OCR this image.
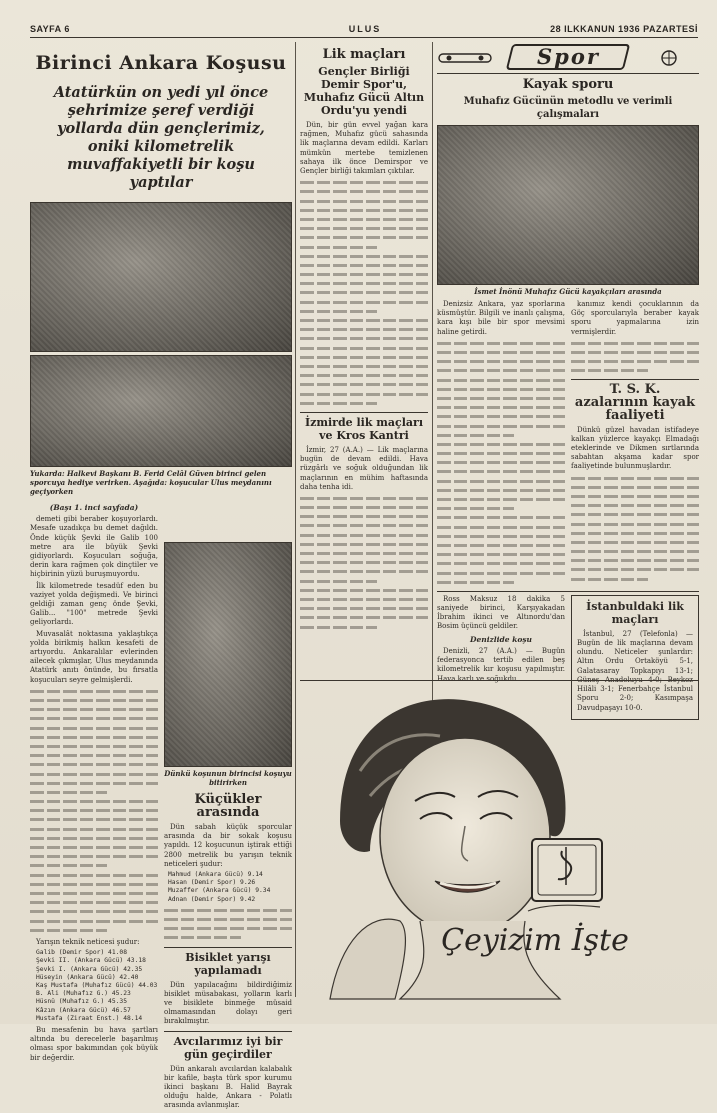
SAYFA 6	ULUS	28 ILKKANUN 1936 PAZARTESİ
Birinci Ankara Koşusu
Atatürkün on yedi yıl önce şehrimize şeref verdiği yollarda dün gençlerimiz, oniki kilometrelik muvaffakiyetli bir koşu yaptılar
Yukarda: Halkevi Başkanı B. Ferid Celâl Güven birinci gelen sporcuya hediye verirken. Aşağıda: koşucular Ulus meydanını geçiyorken
(Başı 1. inci sayfada)

demeti gibi beraber koşuyorlardı. Mesafe uzadıkça bu demet dağıldı. Önde küçük Şevki ile Galib 100 metre ara ile büyük Şevki gidiyorlardı. Koşucuları soğuğa, derin kara rağmen çok dinçtiler ve hiçbirinin yüzü buruşmuyordu.

İlk kilometrede tesadüf eden bu vaziyet yolda değişmedi. Ve birinci geldiği zaman genç önde Şevki, Galib... "100" metrede Şevki geliyorlardı.

Muvasalât noktasına yaklaştıkça yolda birikmiş halkın kesafeti de artıyordu. Ankaralılar evlerinden ailecek çıkmışlar, Ulus meydanında Atatürk anıtı önünde, bu fırsatla koşucuları seyre gelmişlerdi.

Yarışın teknik neticesi şudur:

Galib (Demir Spor) 41.08
Şevki II. (Ankara Gücü) 43.18
Şevki I. (Ankara Gücü) 42.35
Hüseyin (Ankara Gücü) 42.40
Kaş Mustafa (Muhafız Gücü) 44.03
B. Ali (Muhafız G.) 45.23
Hüsnü (Muhafız G.) 45.35
Kâzım (Ankara Gücü) 46.57
Mustafa (Ziraat Enst.) 48.14

Bu mesafenin bu hava şartları altında bu derecelerle başarılmış olması spor bakımından çok büyük bir değerdir.

Dünkü koşunun birincisi koşuyu bitirirken
Küçükler arasında

Dün sabah küçük sporcular arasında da bir sokak koşusu yapıldı. 12 koşucunun iştirak ettiği 2800 metrelik bu yarışın teknik neticeleri şudur:

Mahmud (Ankara Gücü) 9.14
Hasan (Demir Spor) 9.26
Muzaffer (Ankara Gücü) 9.34
Adnan (Demir Spor) 9.42
Bisiklet yarışı yapılamadı

Dün yapılacağını bildirdiğimiz bisiklet müsabakası, yolların karlı ve bisiklete binmeğe müsaid olmamasından dolayı geri bırakılmıştır.

Avcılarımız iyi bir gün geçirdiler

Dün ankaralı avcılardan kalabalık bir kafile, başta türk spor kurumu ikinci başkanı B. Halid Bayrak olduğu halde, Ankara - Polatlı arasında avlanmışlar.

Lik maçları
Gençler Birliği Demir Spor'u, Muhafız Gücü Altın Ordu'yu yendi

Dün, bir gün evvel yağan kara rağmen, Muhafız gücü sahasında lik maçlarına devam edildi. Karları mümkün mertebe temizlenen sahaya ilk önce Demirspor ve Gençler birliği takımları çıktılar.

İzmirde lik maçları ve Kros Kantri

İzmir, 27 (A.A.) — Lik maçlarına bugün de devam edildi. Hava rüzgârlı ve soğuk olduğundan lik maçlarının en mühim haftasında daha tenha idi.

Spor
Kayak sporu
Muhafız Gücünün metodlu ve verimli çalışmaları
İsmet İnönü Muhafız Gücü kayakçıları arasında

Denizsiz Ankara, yaz sporlarına küsmüştür. Bilgili ve inanlı çalışma, kara kışı bile bir spor mevsimi haline getirdi.

kanımız kendi çocuklarının da Göç sporcularıyla beraber kayak sporu yapmalarına izin vermişlerdir.

T. S. K. azalarının kayak faaliyeti

Dünkü güzel havadan istifadeye kalkan yüzlerce kayakçı Elmadağı eteklerinde ve Dikmen sırtlarında sabahtan akşama kadar spor faaliyetinde bulunmuşlardır.

Ross Maksuz 18 dakika 5 saniyede birinci, Karşıyakadan İbrahim ikinci ve Altınordu'dan Bosim üçüncü geldiler.

Denizlide koşu

Denizli, 27 (A.A.) — Bugün federasyonca tertib edilen beş kilometrelik kır koşusu yapılmıştır. Hava karlı ve soğukdu.

İstanbuldaki lik maçları

İstanbul, 27 (Telefonla) — Bugün de lik maçlarına devam olundu. Neticeler şunlardır: Altın Ordu Ortaköyü 5-1, Galatasaray Topkapıyı 13-1; Güneş Anadoluyu 4-0; Beykoz Hilâli 3-1; Fenerbahçe İstanbul Sporu 2-0; Kasımpaşa Davudpaşayı 10-0.

Çeyizim İşte
